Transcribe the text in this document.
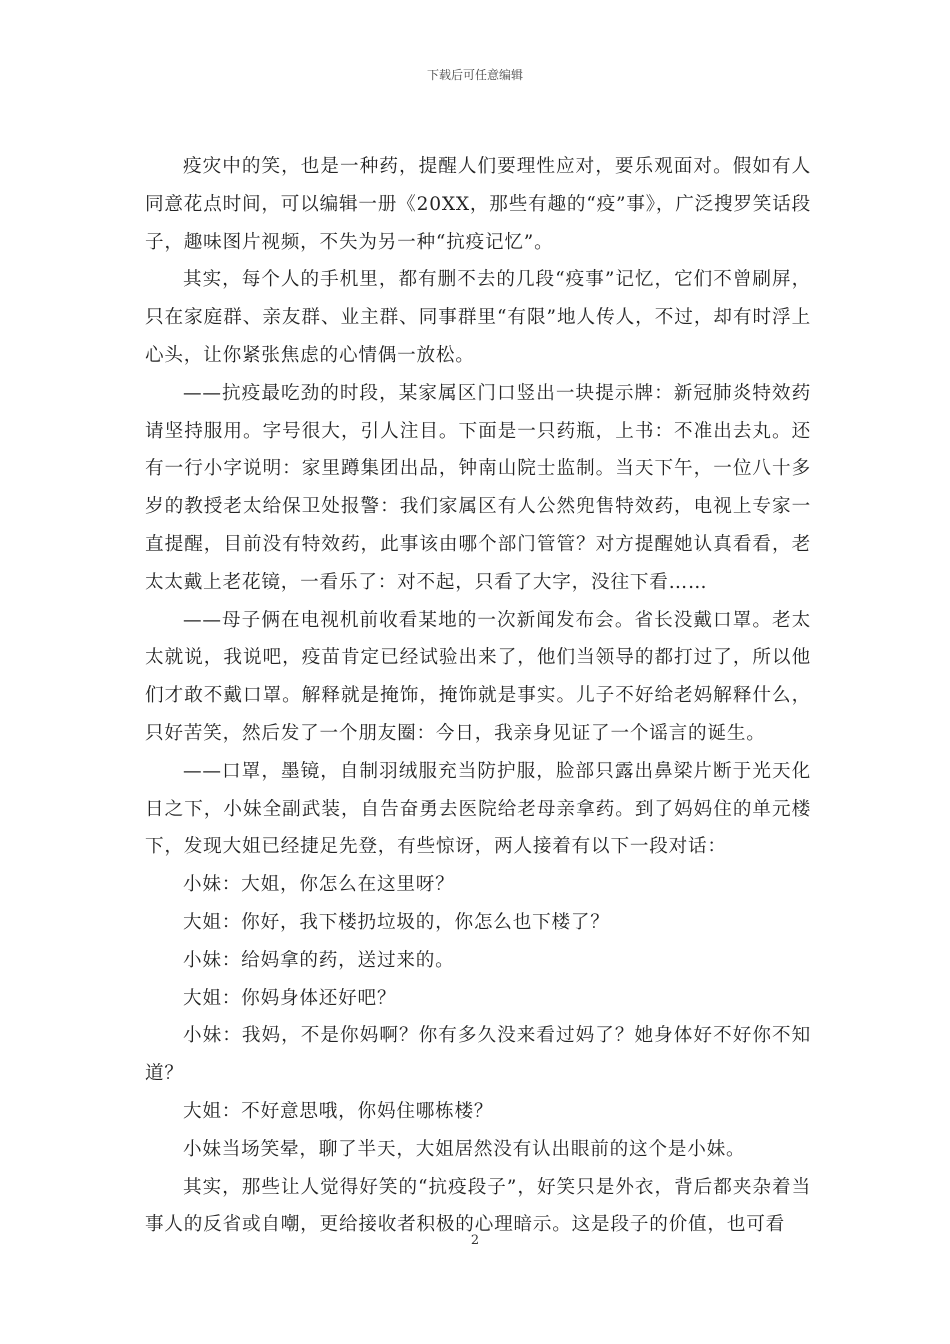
下载后可任意编辑

疫灾中的笑，也是一种药，提醒人们要理性应对，要乐观面对。假如有人同意花点时间，可以编辑一册《20XX，那些有趣的“疫”事》，广泛搜罗笑话段子，趣味图片视频，不失为另一种“抗疫记忆”。

其实，每个人的手机里，都有删不去的几段“疫事”记忆，它们不曾刷屏，只在家庭群、亲友群、业主群、同事群里“有限”地人传人，不过，却有时浮上心头，让你紧张焦虑的心情偶一放松。

——抗疫最吃劲的时段，某家属区门口竖出一块提示牌：新冠肺炎特效药请坚持服用。字号很大，引人注目。下面是一只药瓶，上书：不准出去丸。还有一行小字说明：家里蹲集团出品，钟南山院士监制。当天下午，一位八十多岁的教授老太给保卫处报警：我们家属区有人公然兜售特效药，电视上专家一直提醒，目前没有特效药，此事该由哪个部门管管？对方提醒她认真看看，老太太戴上老花镜，一看乐了：对不起，只看了大字，没往下看……

——母子俩在电视机前收看某地的一次新闻发布会。省长没戴口罩。老太太就说，我说吧，疫苗肯定已经试验出来了，他们当领导的都打过了，所以他们才敢不戴口罩。解释就是掩饰，掩饰就是事实。儿子不好给老妈解释什么，只好苦笑，然后发了一个朋友圈：今日，我亲身见证了一个谣言的诞生。

——口罩，墨镜，自制羽绒服充当防护服，脸部只露出鼻梁片断于光天化日之下，小妹全副武装，自告奋勇去医院给老母亲拿药。到了妈妈住的单元楼下，发现大姐已经捷足先登，有些惊讶，两人接着有以下一段对话：

小妹：大姐，你怎么在这里呀？

大姐：你好，我下楼扔垃圾的，你怎么也下楼了？

小妹：给妈拿的药，送过来的。

大姐：你妈身体还好吧？

小妹：我妈，不是你妈啊？你有多久没来看过妈了？她身体好不好你不知道？

大姐：不好意思哦，你妈住哪栋楼？

小妹当场笑晕，聊了半天，大姐居然没有认出眼前的这个是小妹。

其实，那些让人觉得好笑的“抗疫段子”，好笑只是外衣，背后都夹杂着当事人的反省或自嘲，更给接收者积极的心理暗示。这是段子的价值，也可看

2
